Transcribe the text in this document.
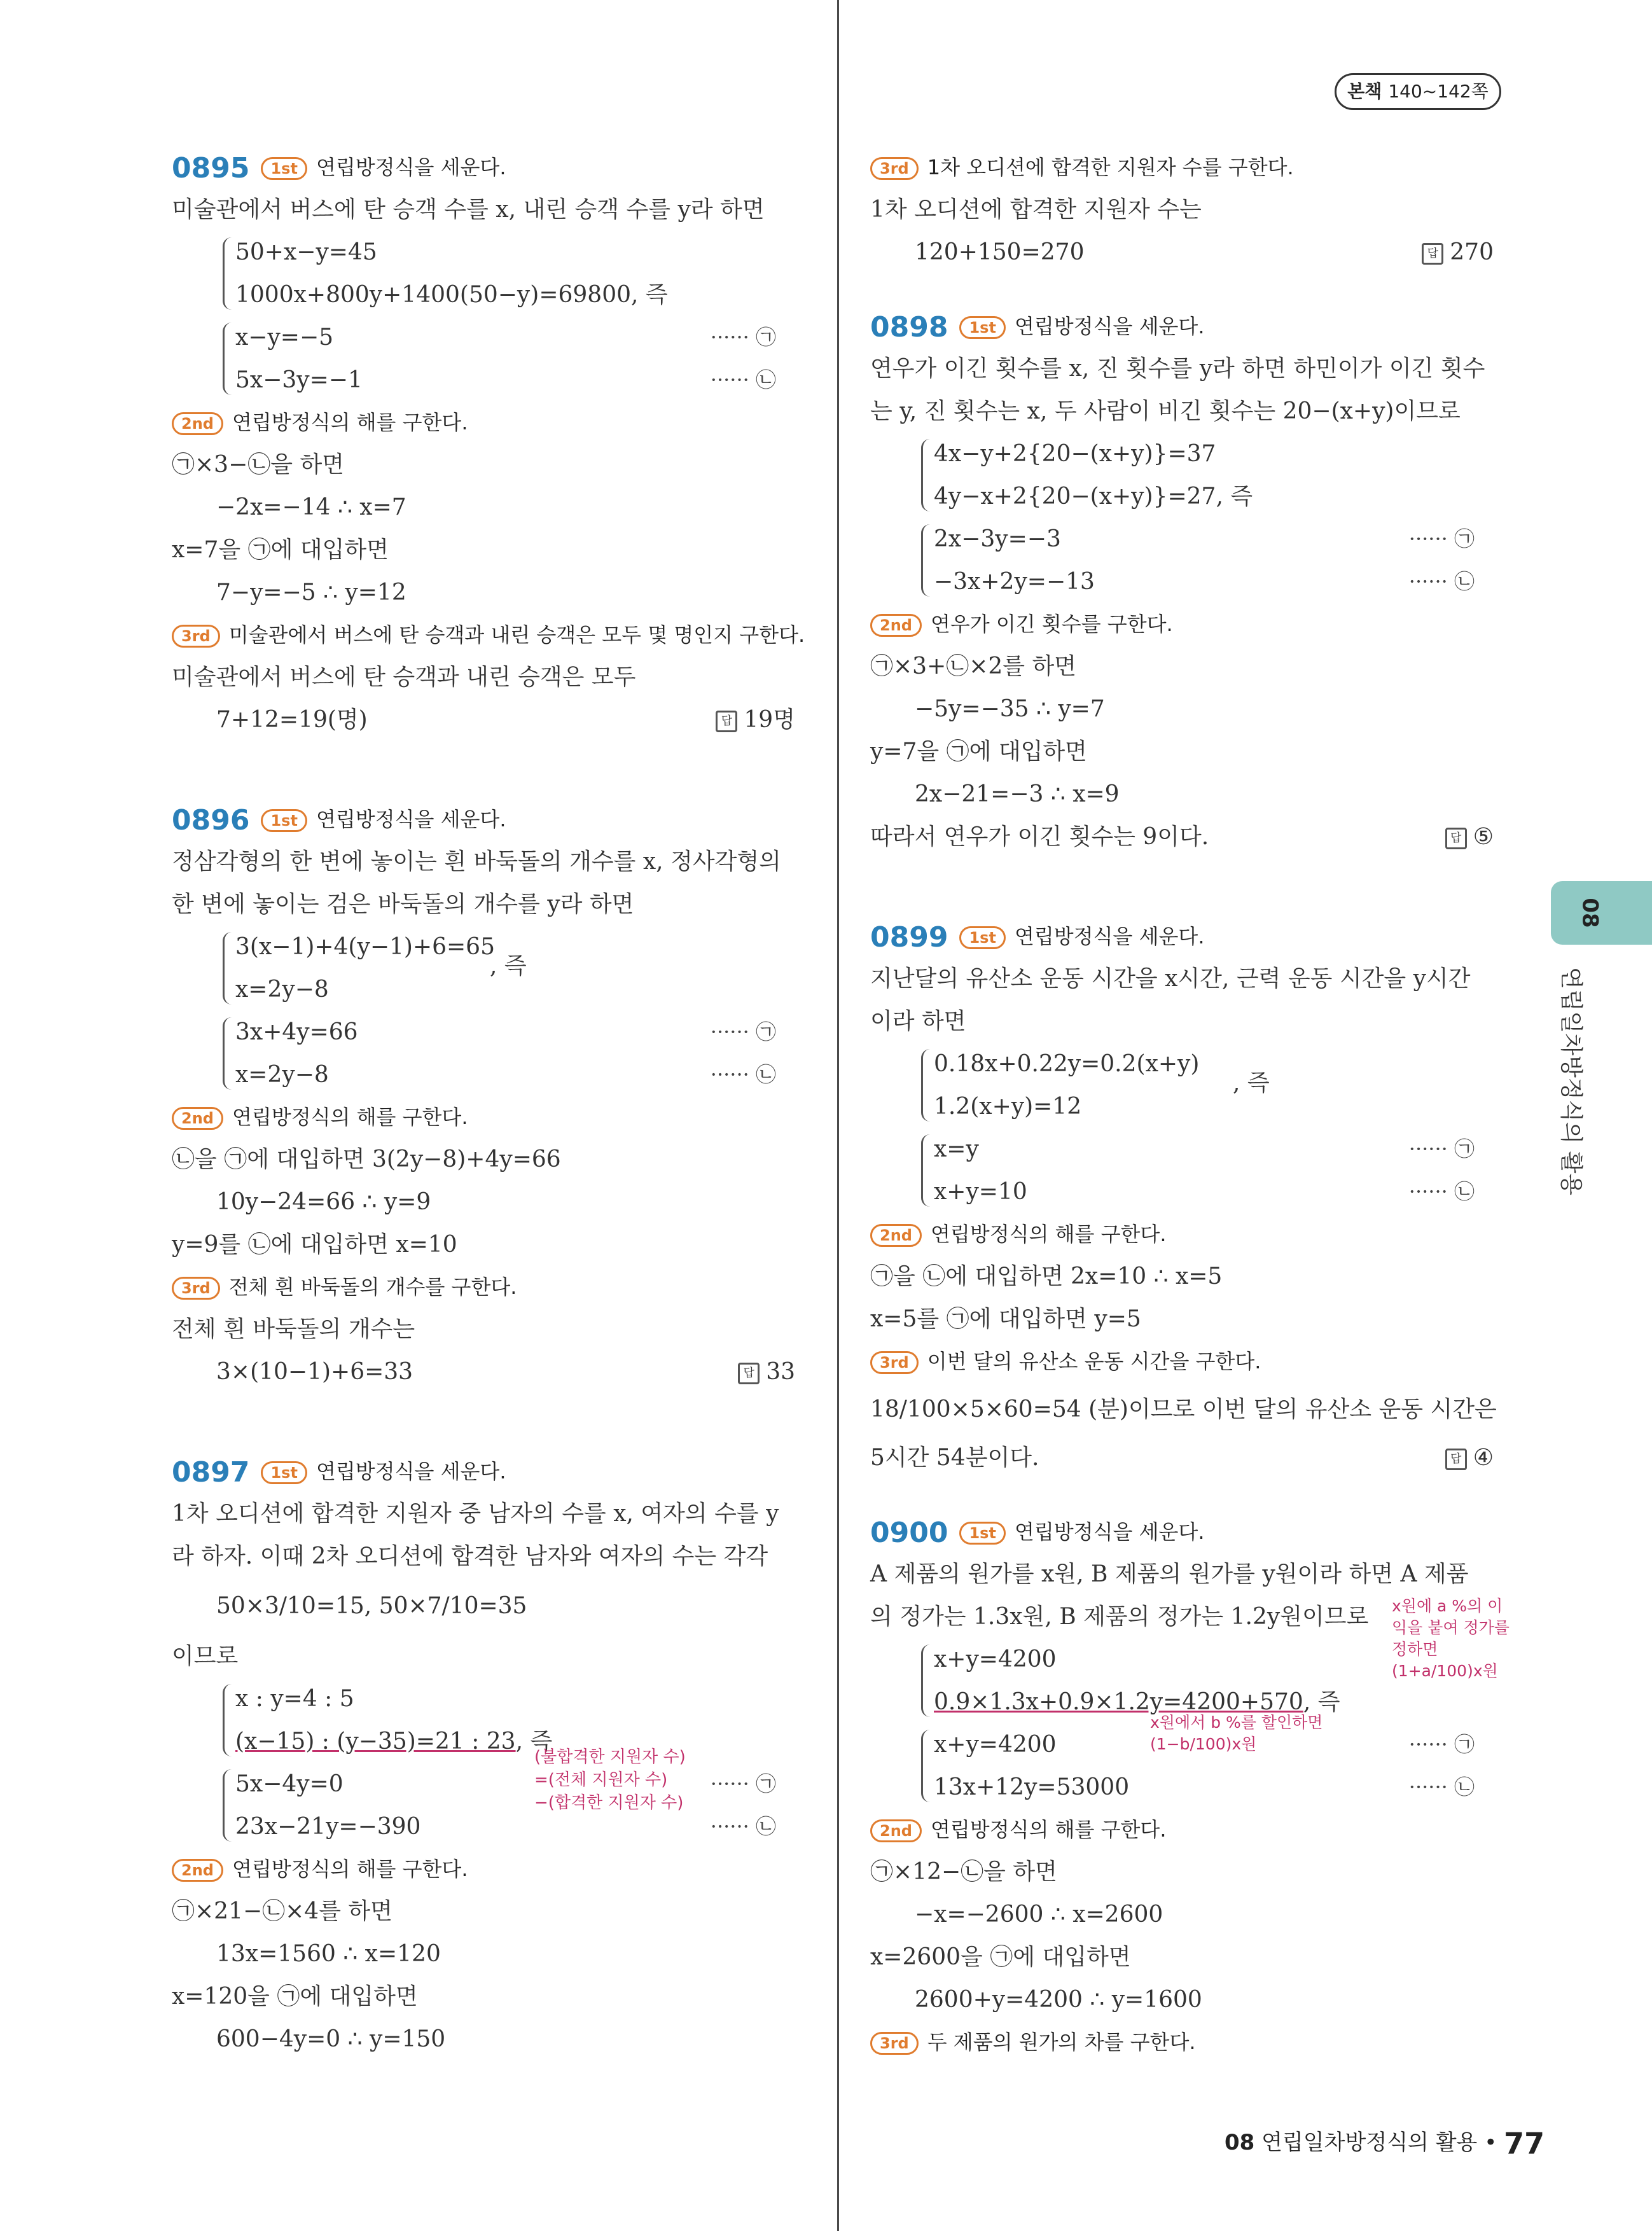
본책 140~142쪽
08
연립일차방정식의 활용
0895 1st 연립방정식을 세운다.
미술관에서 버스에 탄 승객 수를 x, 내린 승객 수를 y라 하면
50+x−y=45
1000x+800y+1400(50−y)=69800, 즉
x−y=−5	······ ㉠
5x−3y=−1	······ ㉡
2nd 연립방정식의 해를 구한다.
㉠×3−㉡을 하면
−2x=−14 ∴ x=7
x=7을 ㉠에 대입하면
7−y=−5 ∴ y=12
3rd 미술관에서 버스에 탄 승객과 내린 승객은 모두 몇 명인지 구한다.
미술관에서 버스에 탄 승객과 내린 승객은 모두
7+12=19(명)	답 19명
0896 1st 연립방정식을 세운다.
정삼각형의 한 변에 놓이는 흰 바둑돌의 개수를 x, 정사각형의
한 변에 놓이는 검은 바둑돌의 개수를 y라 하면
3(x−1)+4(y−1)+6=65
x=2y−8
, 즉
3x+4y=66	······ ㉠
x=2y−8	······ ㉡
2nd 연립방정식의 해를 구한다.
㉡을 ㉠에 대입하면 3(2y−8)+4y=66
10y−24=66 ∴ y=9
y=9를 ㉡에 대입하면 x=10
3rd 전체 흰 바둑돌의 개수를 구한다.
전체 흰 바둑돌의 개수는
3×(10−1)+6=33	답 33
0897 1st 연립방정식을 세운다.
1차 오디션에 합격한 지원자 중 남자의 수를 x, 여자의 수를 y
라 하자. 이때 2차 오디션에 합격한 남자와 여자의 수는 각각
50×3/10=15, 50×7/10=35
이므로
x : y=4 : 5
(x−15) : (y−35)=21 : 23, 즉
(불합격한 지원자 수)
=(전체 지원자 수)
−(합격한 지원자 수)
5x−4y=0	······ ㉠
23x−21y=−390	······ ㉡
2nd 연립방정식의 해를 구한다.
㉠×21−㉡×4를 하면
13x=1560 ∴ x=120
x=120을 ㉠에 대입하면
600−4y=0 ∴ y=150
3rd 1차 오디션에 합격한 지원자 수를 구한다.
1차 오디션에 합격한 지원자 수는
120+150=270	답 270
0898 1st 연립방정식을 세운다.
연우가 이긴 횟수를 x, 진 횟수를 y라 하면 하민이가 이긴 횟수
는 y, 진 횟수는 x, 두 사람이 비긴 횟수는 20−(x+y)이므로
4x−y+2{20−(x+y)}=37
4y−x+2{20−(x+y)}=27, 즉
2x−3y=−3	······ ㉠
−3x+2y=−13	······ ㉡
2nd 연우가 이긴 횟수를 구한다.
㉠×3+㉡×2를 하면
−5y=−35 ∴ y=7
y=7을 ㉠에 대입하면
2x−21=−3 ∴ x=9
따라서 연우가 이긴 횟수는 9이다.	답 ⑤
0899 1st 연립방정식을 세운다.
지난달의 유산소 운동 시간을 x시간, 근력 운동 시간을 y시간
이라 하면
0.18x+0.22y=0.2(x+y)
1.2(x+y)=12
, 즉
x=y	······ ㉠
x+y=10	······ ㉡
2nd 연립방정식의 해를 구한다.
㉠을 ㉡에 대입하면 2x=10 ∴ x=5
x=5를 ㉠에 대입하면 y=5
3rd 이번 달의 유산소 운동 시간을 구한다.
18/100×5×60=54 (분)이므로 이번 달의 유산소 운동 시간은
5시간 54분이다.	답 ④
0900 1st 연립방정식을 세운다.
A 제품의 원가를 x원, B 제품의 원가를 y원이라 하면 A 제품
의 정가는 1.3x원, B 제품의 정가는 1.2y원이므로 x원에 a %의 이
익을 붙여 정가를
정하면
(1+a/100)x원
x+y=4200
0.9×1.3x+0.9×1.2y=4200+570, 즉
x+y=4200
x원에서 b %를 할인하면
(1−b/100)x원	······ ㉠
13x+12y=53000	······ ㉡
2nd 연립방정식의 해를 구한다.
㉠×12−㉡을 하면
−x=−2600 ∴ x=2600
x=2600을 ㉠에 대입하면
2600+y=4200 ∴ y=1600
3rd 두 제품의 원가의 차를 구한다.
08 연립일차방정식의 활용 • 77
